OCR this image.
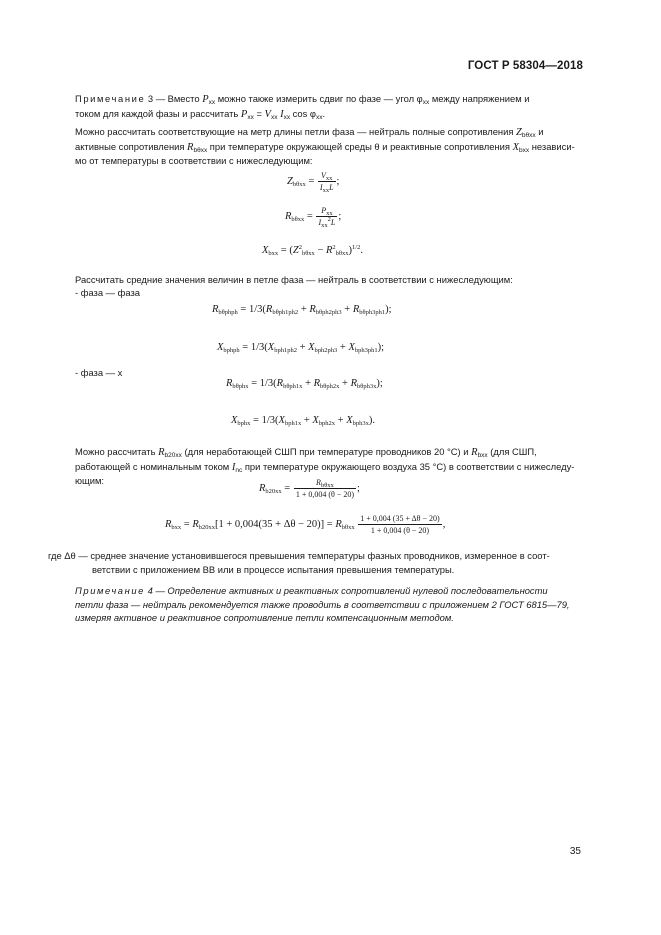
ГОСТ Р 58304—2018
Примечание 3 — Вместо $P_{xx}$ можно также измерить сдвиг по фазе — угол $\varphi_{xx}$ между напряжением и
током для каждой фазы и рассчитать $P_{xx} = V_{xx}$ $I_{xx}$ $\cos \varphi_{xx}$.
Можно рассчитать соответствующие на метр длины петли фаза — нейтраль полные сопротивления $Z_{b\theta xx}$ и
активные сопротивления $R_{b\theta xx}$ при температуре окружающей среды θ и реактивные сопротивления $X_{bxx}$ независи-
мо от температуры в соответствии с нижеследующим:
$Z_{b\theta xx} = \frac{V_{xx}}{I_{xx}L}$ ;
$R_{b\theta xx} = \frac{P_{xx}}{I_{xx}^2L}$ ;
$X_{bxx} = (Z^2_{b\theta xx} - R^2_{b\theta xx})^{1/2}$.
Рассчитать средние значения величин в петле фаза — нейтраль в соответствии с нижеследующим:
- фаза — фаза
$R_{b\theta phph} = 1/3(R_{b\theta ph1ph2} + R_{b\theta ph2ph3} + R_{b\theta ph3ph1})$;
$X_{bphph} = 1/3(X_{bph1ph2} + X_{bph2ph3} + X_{bph3ph1})$;
- фаза — x
$R_{b\theta phx} = 1/3(R_{b\theta ph1x} + R_{b\theta ph2x} + R_{b\theta ph3x})$;
$X_{bphx} = 1/3(X_{bph1x} + X_{bph2x} + X_{bph3x})$.
Можно рассчитать $R_{b20xx}$ (для неработающей СШП при температуре проводников 20 °С) и $R_{bxx}$ (для СШП,
работающей с номинальным током $I_{nc}$ при температуре окружающего воздуха 35 °С) в соответствии с нижеследу-
ющим:
$R_{b20xx} = \frac{R_{b\theta xx}}{1 + 0,004 (\theta - 20)}$ ;
$R_{bxx} = R_{b20xx}[1 + 0,004(35 + \Delta\theta - 20)] = R_{b\theta xx} \frac{1 + 0,004 (35 + \Delta\theta - 20)}{1 + 0,004 (\theta - 20)}$ ,
где Δθ — среднее значение установившегося превышения температуры фазных проводников, измеренное в соот-
ветствии с приложением ВВ или в процессе испытания превышения температуры.
Примечание 4 — Определение активных и реактивных сопротивлений нулевой последовательности
петли фаза — нейтраль рекомендуется также проводить в соответствии с приложением 2 ГОСТ 6815—79,
измеряя активное и реактивное сопротивление петли компенсационным методом.
35
